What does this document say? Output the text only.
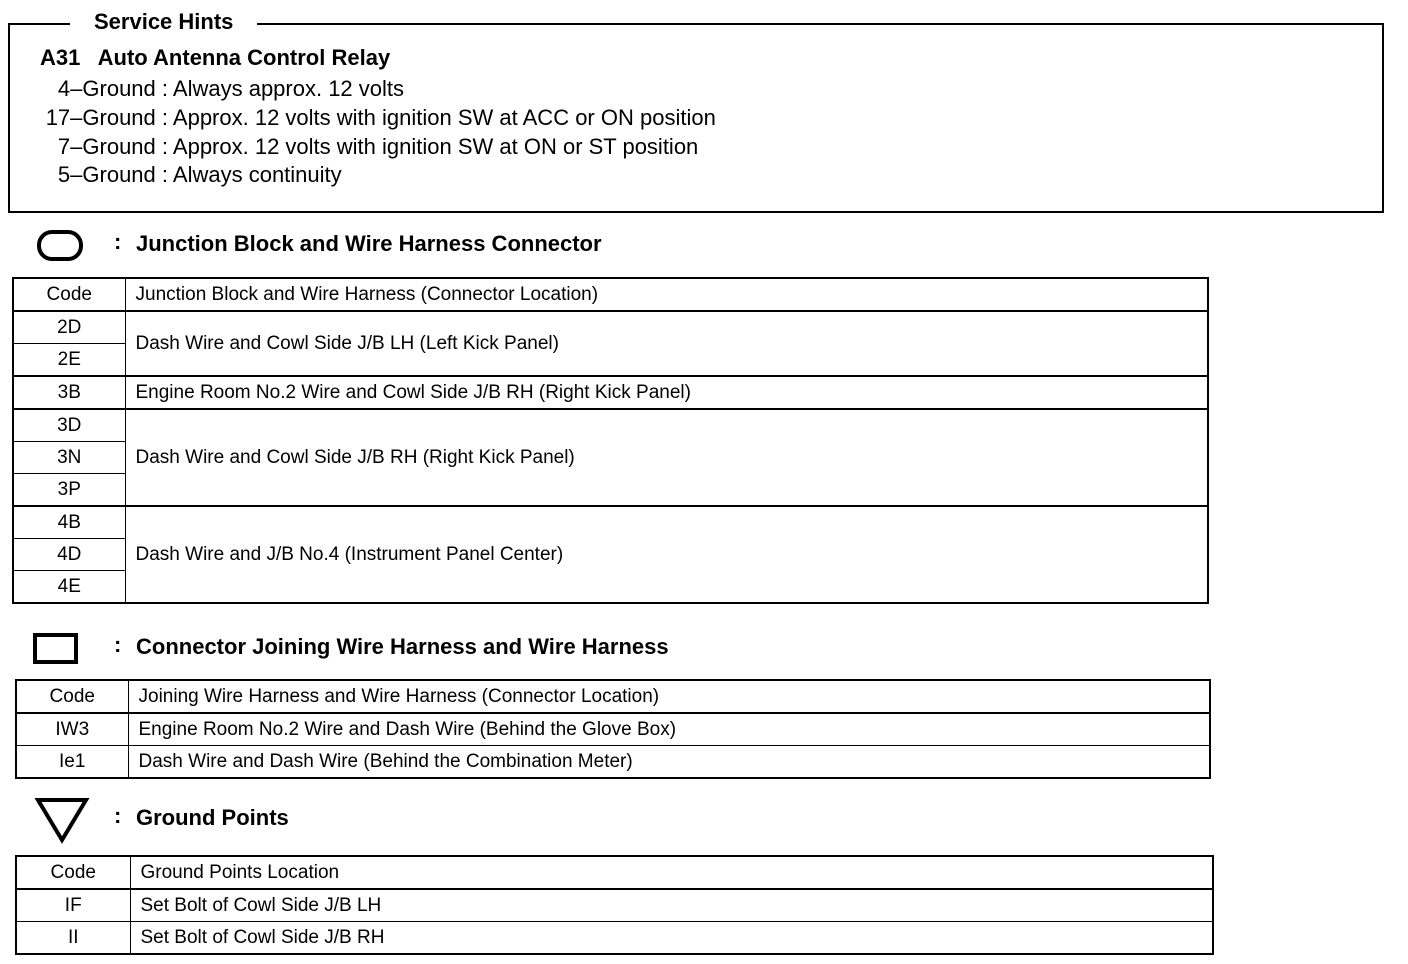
Service Hints
A31 Auto Antenna Control Relay
4–Ground : Always approx. 12 volts
17–Ground : Approx. 12 volts with ignition SW at ACC or ON position
7–Ground : Approx. 12 volts with ignition SW at ON or ST position
5–Ground : Always continuity
: Junction Block and Wire Harness Connector
Code	Junction Block and Wire Harness (Connector Location)
2D	Dash Wire and Cowl Side J/B LH (Left Kick Panel)
2E	
3B	Engine Room No.2 Wire and Cowl Side J/B RH (Right Kick Panel)
3D	Dash Wire and Cowl Side J/B RH (Right Kick Panel)
3N	
3P	
4B	Dash Wire and J/B No.4 (Instrument Panel Center)
4D	
4E	
: Connector Joining Wire Harness and Wire Harness
Code	Joining Wire Harness and Wire Harness (Connector Location)
IW3	Engine Room No.2 Wire and Dash Wire (Behind the Glove Box)
Ie1	Dash Wire and Dash Wire (Behind the Combination Meter)
: Ground Points
Code	Ground Points Location
IF	Set Bolt of Cowl Side J/B LH
II	Set Bolt of Cowl Side J/B RH
